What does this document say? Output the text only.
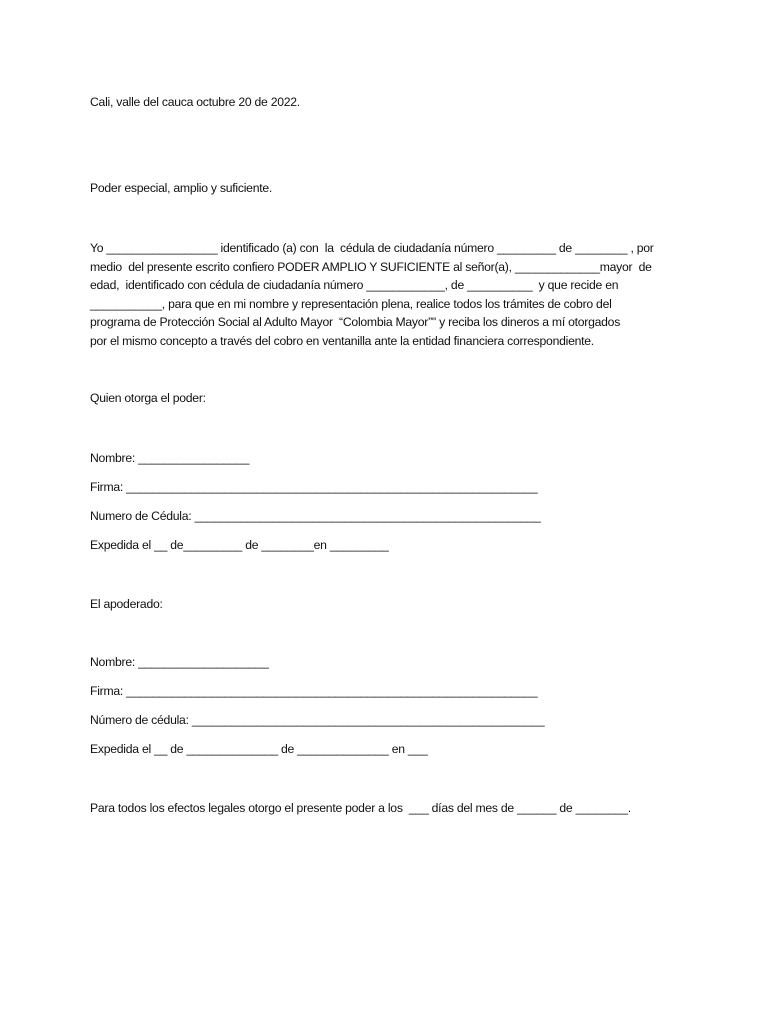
Cali, valle del cauca octubre 20 de 2022.
Poder especial, amplio y suficiente.
Yo _________________ identificado (a) con  la  cédula de ciudadanía número _________ de ________ , por
medio  del presente escrito confiero PODER AMPLIO Y SUFICIENTE al señor(a), _____________mayor  de
edad,  identificado con cédula de ciudadanía número ____________, de __________  y que recide en
___________, para que en mi nombre y representación plena, realice todos los trámites de cobro del
programa de Protección Social al Adulto Mayor  “Colombia Mayor”" y reciba los dineros a mí otorgados
por el mismo concepto a través del cobro en ventanilla ante la entidad financiera correspondiente.
Quien otorga el poder:
Nombre: _________________
Firma: _______________________________________________________________
Numero de Cédula: _____________________________________________________
Expedida el __ de_________ de ________en _________
El apoderado:
Nombre: ____________________
Firma: _______________________________________________________________
Número de cédula: ______________________________________________________
Expedida el __ de ______________ de ______________ en ___
Para todos los efectos legales otorgo el presente poder a los  ___ días del mes de ______ de ________.
